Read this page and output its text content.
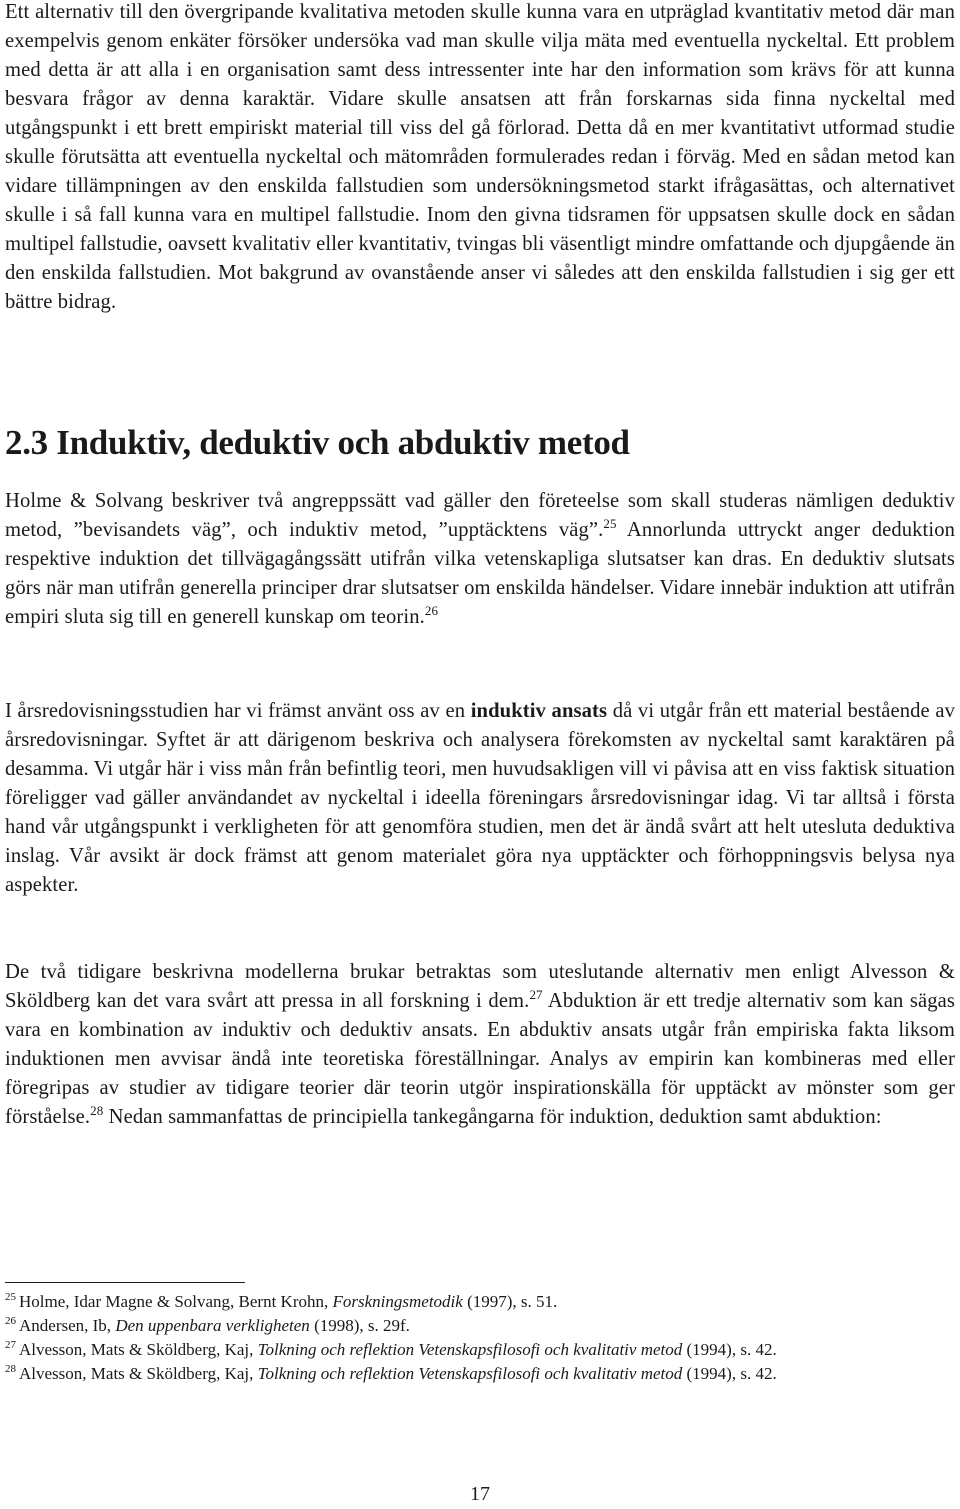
Ett alternativ till den övergripande kvalitativa metoden skulle kunna vara en utpräglad kvantitativ metod där man exempelvis genom enkäter försöker undersöka vad man skulle vilja mäta med eventuella nyckeltal. Ett problem med detta är att alla i en organisation samt dess intressenter inte har den information som krävs för att kunna besvara frågor av denna karaktär. Vidare skulle ansatsen att från forskarnas sida finna nyckeltal med utgångspunkt i ett brett empiriskt material till viss del gå förlorad. Detta då en mer kvantitativt utformad studie skulle förutsätta att eventuella nyckeltal och mätområden formulerades redan i förväg. Med en sådan metod kan vidare tillämpningen av den enskilda fallstudien som undersökningsmetod starkt ifrågasättas, och alternativet skulle i så fall kunna vara en multipel fallstudie. Inom den givna tidsramen för uppsatsen skulle dock en sådan multipel fallstudie, oavsett kvalitativ eller kvantitativ, tvingas bli väsentligt mindre omfattande och djupgående än den enskilda fallstudien. Mot bakgrund av ovanstående anser vi således att den enskilda fallstudien i sig ger ett bättre bidrag.

2.3 Induktiv, deduktiv och abduktiv metod

Holme & Solvang beskriver två angreppssätt vad gäller den företeelse som skall studeras nämligen deduktiv metod, ”bevisandets väg”, och induktiv metod, ”upptäcktens väg”.$^{25}$ Annorlunda uttryckt anger deduktion respektive induktion det tillvägagångssätt utifrån vilka vetenskapliga slutsatser kan dras. En deduktiv slutsats görs när man utifrån generella principer drar slutsatser om enskilda händelser. Vidare innebär induktion att utifrån empiri sluta sig till en generell kunskap om teorin.$^{26}$

I årsredovisningsstudien har vi främst använt oss av en induktiv ansats då vi utgår från ett material bestående av årsredovisningar. Syftet är att därigenom beskriva och analysera förekomsten av nyckeltal samt karaktären på desamma. Vi utgår här i viss mån från befintlig teori, men huvudsakligen vill vi påvisa att en viss faktisk situation föreligger vad gäller användandet av nyckeltal i ideella föreningars årsredovisningar idag. Vi tar alltså i första hand vår utgångspunkt i verkligheten för att genomföra studien, men det är ändå svårt att helt utesluta deduktiva inslag. Vår avsikt är dock främst att genom materialet göra nya upptäckter och förhoppningsvis belysa nya aspekter.

De två tidigare beskrivna modellerna brukar betraktas som uteslutande alternativ men enligt Alvesson & Sköldberg kan det vara svårt att pressa in all forskning i dem.$^{27}$ Abduktion är ett tredje alternativ som kan sägas vara en kombination av induktiv och deduktiv ansats. En abduktiv ansats utgår från empiriska fakta liksom induktionen men avvisar ändå inte teoretiska föreställningar. Analys av empirin kan kombineras med eller föregripas av studier av tidigare teorier där teorin utgör inspirationskälla för upptäckt av mönster som ger förståelse.$^{28}$ Nedan sammanfattas de principiella tankegångarna för induktion, deduktion samt abduktion:

$^{25}$ Holme, Idar Magne & Solvang, Bernt Krohn, Forskningsmetodik (1997), s. 51.

$^{26}$ Andersen, Ib, Den uppenbara verkligheten (1998), s. 29f.

$^{27}$ Alvesson, Mats & Sköldberg, Kaj, Tolkning och reflektion Vetenskapsfilosofi och kvalitativ metod (1994), s. 42.

$^{28}$ Alvesson, Mats & Sköldberg, Kaj, Tolkning och reflektion Vetenskapsfilosofi och kvalitativ metod (1994), s. 42.

17
